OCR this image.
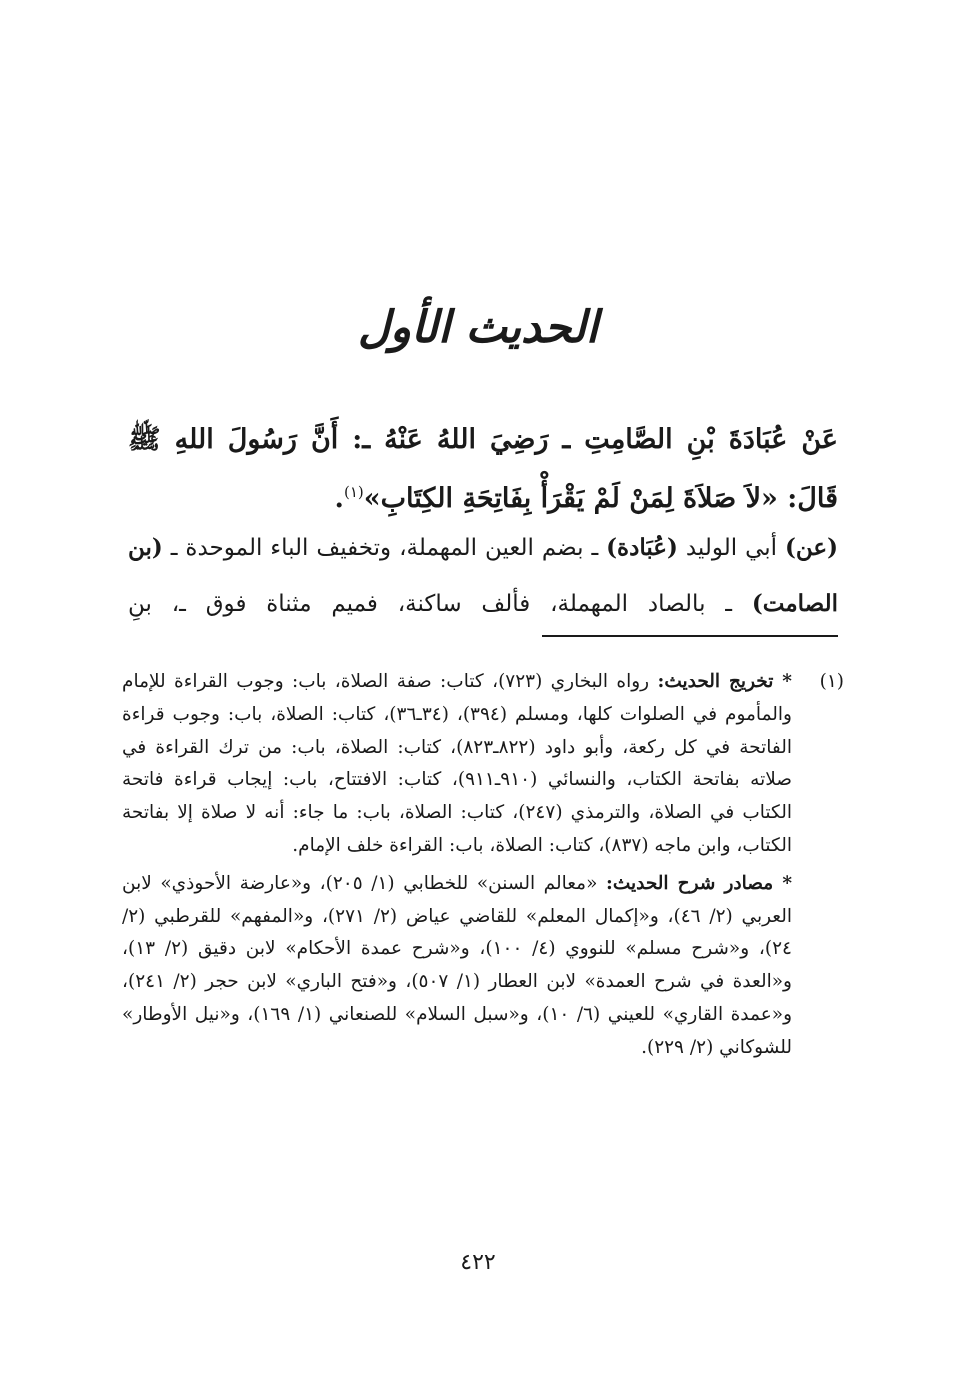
الحديث الأول
عَنْ عُبَادَةَ بْنِ الصَّامِتِ ـ رَضِيَ اللهُ عَنْهُ ـ: أَنَّ رَسُولَ اللهِ ﷺ قَالَ: «لاَ صَلاَةَ لِمَنْ لَمْ يَقْرَأْ بِفَاتِحَةِ الكِتَابِ»$^{(١)}$.
(عن) أبي الوليد (عُبَادة) ـ بضم العين المهملة، وتخفيف الباء الموحدة ـ (بن الصامت) ـ بالصاد المهملة، فألف ساكنة، فميم مثناة فوق ـ، بنِ
(١)

* تخريج الحديث: رواه البخاري (٧٢٣)، كتاب: صفة الصلاة، باب: وجوب القراءة للإمام والمأموم في الصلوات كلها، ومسلم (٣٩٤)، (٣٤ـ٣٦)، كتاب: الصلاة، باب: وجوب قراءة الفاتحة في كل ركعة، وأبو داود (٨٢٢ـ٨٢٣)، كتاب: الصلاة، باب: من ترك القراءة في صلاته بفاتحة الكتاب، والنسائي (٩١٠ـ٩١١)، كتاب: الافتتاح، باب: إيجاب قراءة فاتحة الكتاب في الصلاة، والترمذي (٢٤٧)، كتاب: الصلاة، باب: ما جاء: أنه لا صلاة إلا بفاتحة الكتاب، وابن ماجه (٨٣٧)، كتاب: الصلاة، باب: القراءة خلف الإمام.

* مصادر شرح الحديث: «معالم السنن» للخطابي (١/ ٢٠٥)، و«عارضة الأحوذي» لابن العربي (٢/ ٤٦)، و«إكمال المعلم» للقاضي عياض (٢/ ٢٧١)، و«المفهم» للقرطبي (٢/ ٢٤)، و«شرح مسلم» للنووي (٤/ ١٠٠)، و«شرح عمدة الأحكام» لابن دقيق (٢/ ١٣)، و«العدة في شرح العمدة» لابن العطار (١/ ٥٠٧)، و«فتح الباري» لابن حجر (٢/ ٢٤١)، و«عمدة القاري» للعيني (٦/ ١٠)، و«سبل السلام» للصنعاني (١/ ١٦٩)، و«نيل الأوطار» للشوكاني (٢/ ٢٢٩).

٤٢٢
